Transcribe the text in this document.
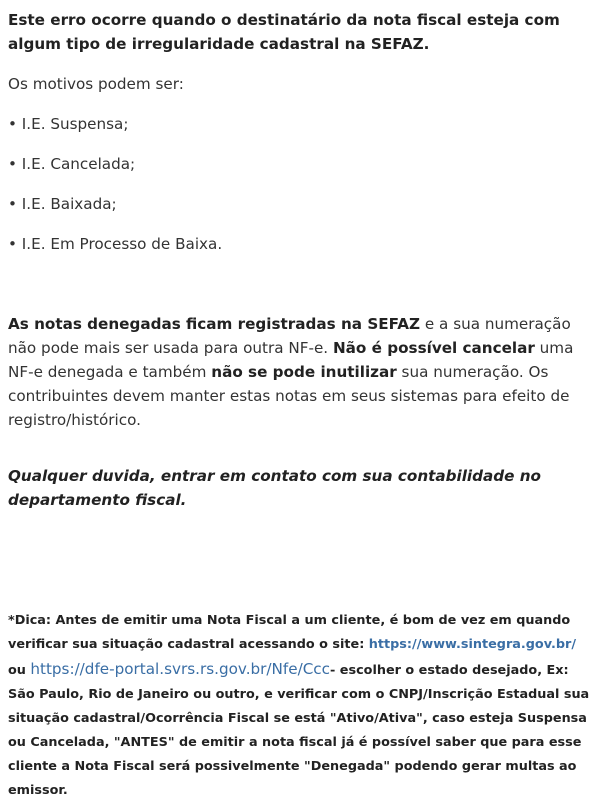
Este erro ocorre quando o destinatário da nota fiscal esteja com algum tipo de irregularidade cadastral na SEFAZ.

Os motivos podem ser:

• I.E. Suspensa;

• I.E. Cancelada;

• I.E. Baixada;

• I.E. Em Processo de Baixa.

As notas denegadas ficam registradas na SEFAZ e a sua numeração não pode mais ser usada para outra NF-e. Não é possível cancelar uma NF-e denegada e também não se pode inutilizar sua numeração. Os contribuintes devem manter estas notas em seus sistemas para efeito de registro/histórico.

Qualquer duvida, entrar em contato com sua contabilidade no departamento fiscal.

*Dica: Antes de emitir uma Nota Fiscal a um cliente, é bom de vez em quando verificar sua situação cadastral acessando o site: https://www.sintegra.gov.br/ ou https://dfe-portal.svrs.rs.gov.br/Nfe/Ccc- escolher o estado desejado, Ex: São Paulo, Rio de Janeiro ou outro, e verificar com o CNPJ/Inscrição Estadual sua situação cadastral/Ocorrência Fiscal se está "Ativo/Ativa", caso esteja Suspensa ou Cancelada, "ANTES" de emitir a nota fiscal já é possível saber que para esse cliente a Nota Fiscal será possivelmente "Denegada" podendo gerar multas ao emissor.
